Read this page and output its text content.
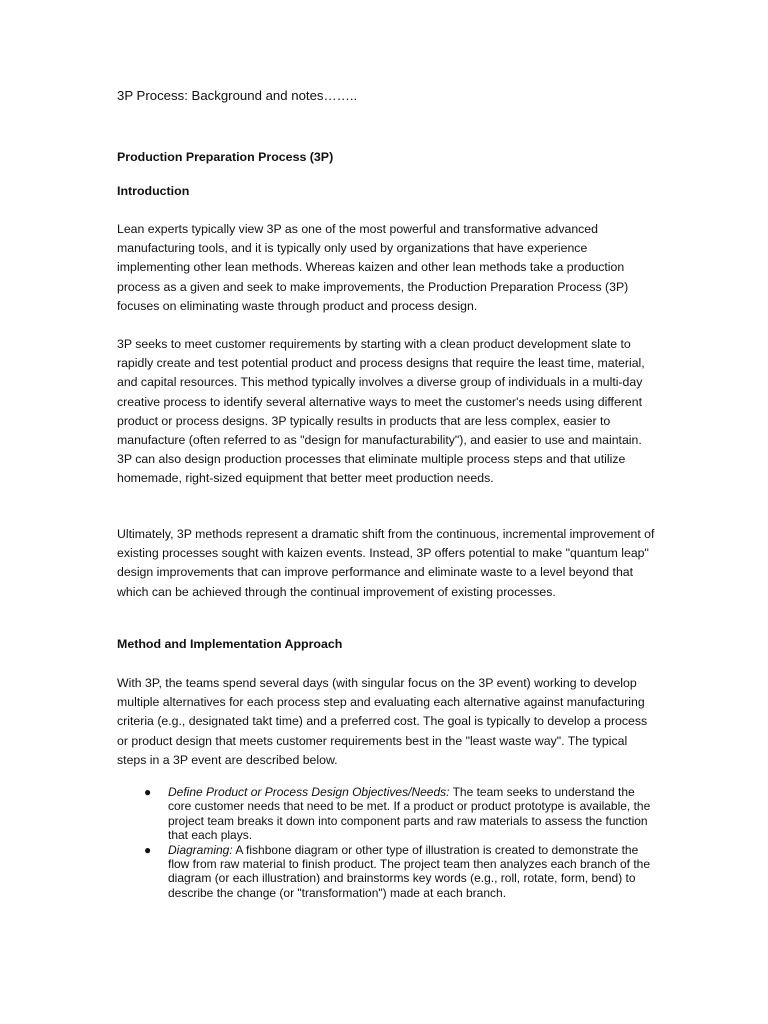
3P Process: Background and notes……..
Production Preparation Process (3P)
Introduction

Lean experts typically view 3P as one of the most powerful and transformative advanced manufacturing tools, and it is typically only used by organizations that have experience implementing other lean methods. Whereas kaizen and other lean methods take a production process as a given and seek to make improvements, the Production Preparation Process (3P) focuses on eliminating waste through product and process design.

3P seeks to meet customer requirements by starting with a clean product development slate to rapidly create and test potential product and process designs that require the least time, material, and capital resources. This method typically involves a diverse group of individuals in a multi-day creative process to identify several alternative ways to meet the customer's needs using different product or process designs. 3P typically results in products that are less complex, easier to manufacture (often referred to as "design for manufacturability"), and easier to use and maintain. 3P can also design production processes that eliminate multiple process steps and that utilize homemade, right-sized equipment that better meet production needs.

Ultimately, 3P methods represent a dramatic shift from the continuous, incremental improvement of existing processes sought with kaizen events. Instead, 3P offers potential to make "quantum leap" design improvements that can improve performance and eliminate waste to a level beyond that which can be achieved through the continual improvement of existing processes.

Method and Implementation Approach

With 3P, the teams spend several days (with singular focus on the 3P event) working to develop multiple alternatives for each process step and evaluating each alternative against manufacturing criteria (e.g., designated takt time) and a preferred cost. The goal is typically to develop a process or product design that meets customer requirements best in the "least waste way". The typical steps in a 3P event are described below.

● Define Product or Process Design Objectives/Needs: The team seeks to understand the core customer needs that need to be met. If a product or product prototype is available, the project team breaks it down into component parts and raw materials to assess the function that each plays.
● Diagraming: A fishbone diagram or other type of illustration is created to demonstrate the flow from raw material to finish product. The project team then analyzes each branch of the diagram (or each illustration) and brainstorms key words (e.g., roll, rotate, form, bend) to describe the change (or "transformation") made at each branch.
